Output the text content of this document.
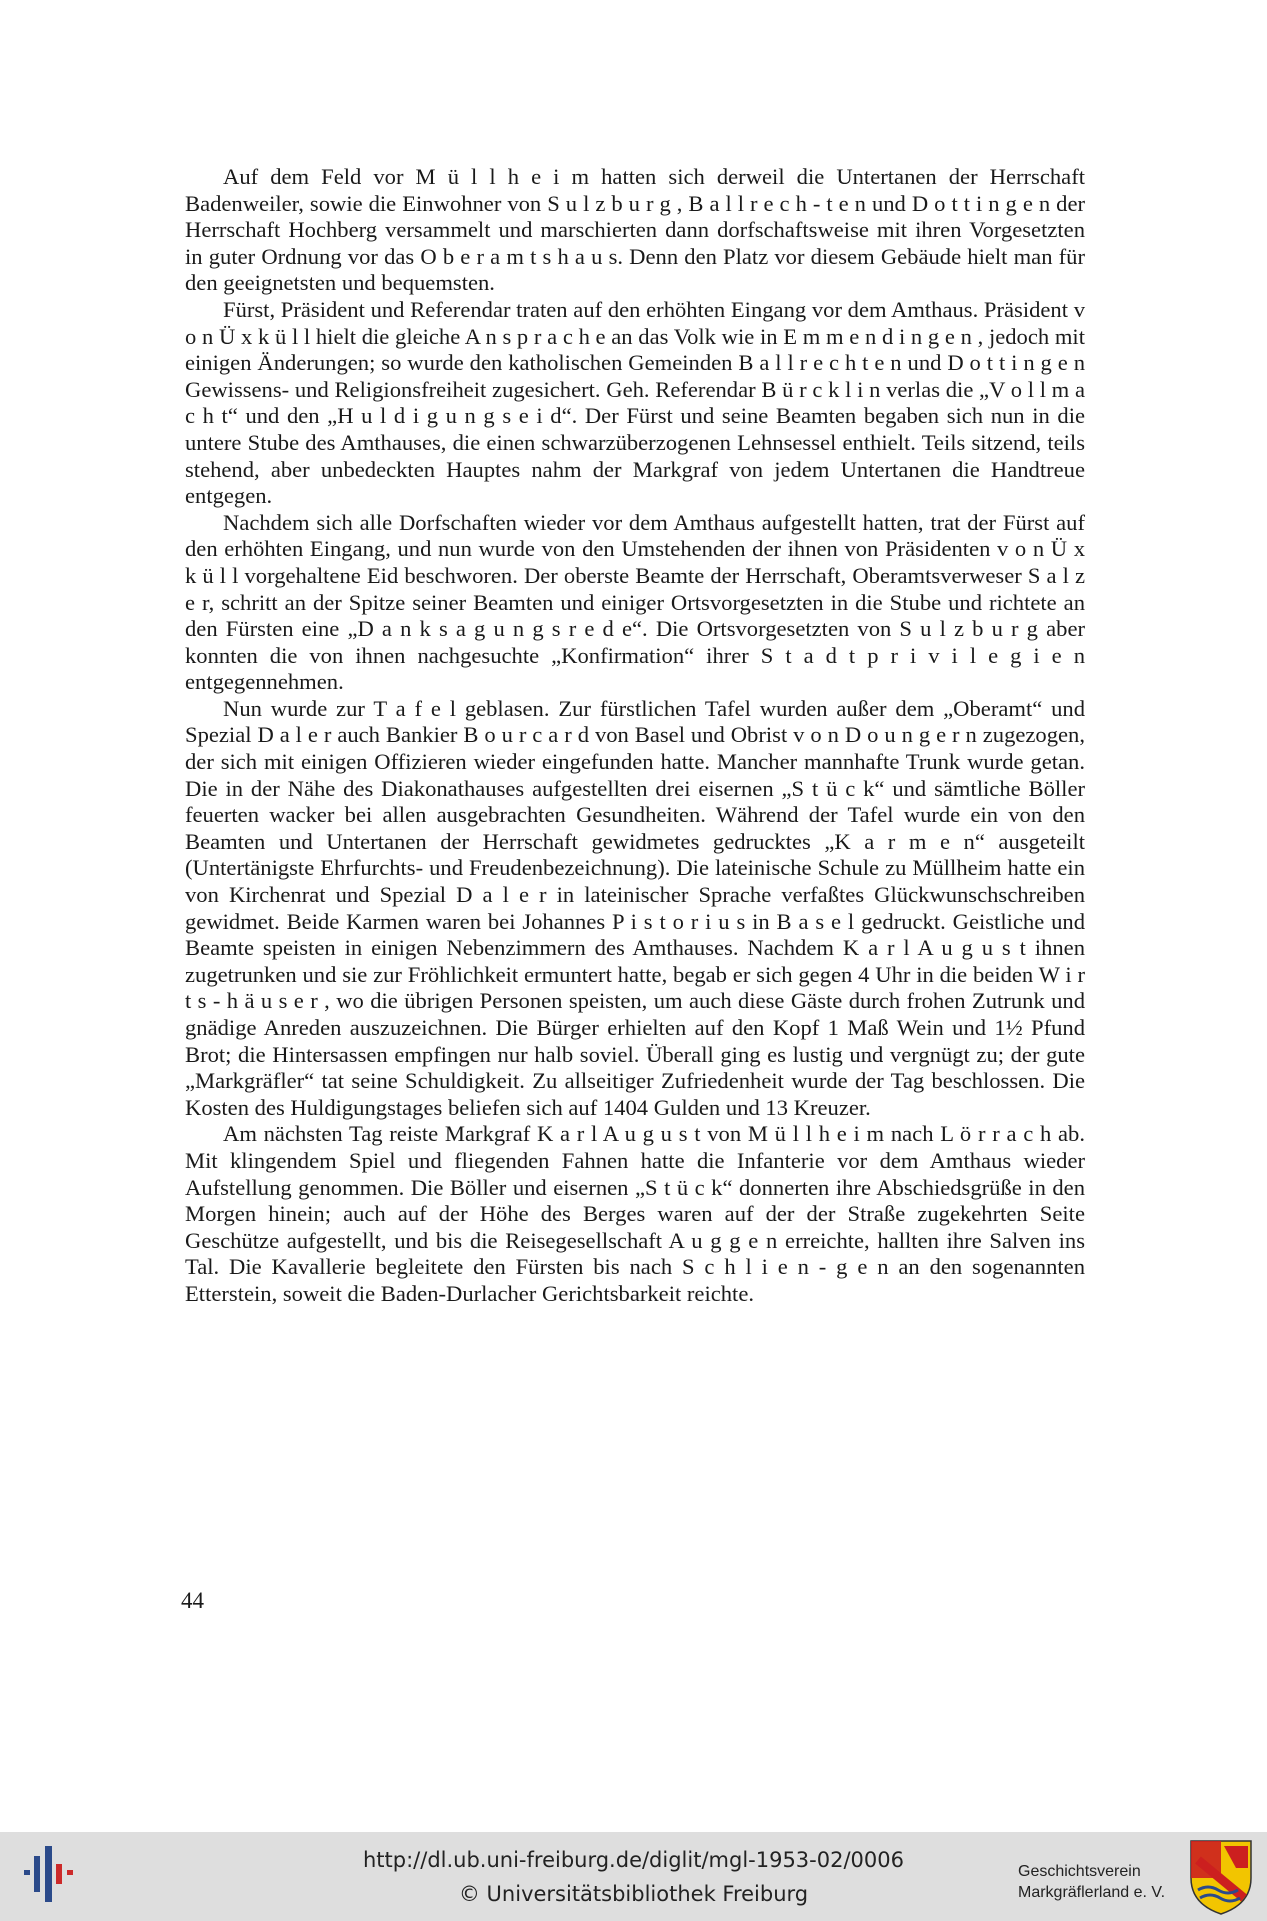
Auf dem Feld vor M ü l l h e i m hatten sich derweil die Untertanen der Herrschaft Badenweiler, sowie die Einwohner von S u l z b u r g , B a l l r e c h - t e n und D o t t i n g e n der Herrschaft Hochberg versammelt und marschierten dann dorfschaftsweise mit ihren Vorgesetzten in guter Ordnung vor das O b e r a m t s h a u s. Denn den Platz vor diesem Gebäude hielt man für den geeignetsten und bequemsten.

Fürst, Präsident und Referendar traten auf den erhöhten Eingang vor dem Amthaus. Präsident v o n Ü x k ü l l hielt die gleiche A n s p r a c h e an das Volk wie in E m m e n d i n g e n , jedoch mit einigen Änderungen; so wurde den katholischen Gemeinden B a l l r e c h t e n und D o t t i n g e n Gewissens- und Religionsfreiheit zugesichert. Geh. Referendar B ü r c k l i n verlas die „V o l l m a c h t“ und den „H u l d i g u n g s e i d“. Der Fürst und seine Beamten begaben sich nun in die untere Stube des Amthauses, die einen schwarzüberzogenen Lehnsessel enthielt. Teils sitzend, teils stehend, aber unbedeckten Hauptes nahm der Markgraf von jedem Untertanen die Handtreue entgegen.

Nachdem sich alle Dorfschaften wieder vor dem Amthaus aufgestellt hatten, trat der Fürst auf den erhöhten Eingang, und nun wurde von den Umstehenden der ihnen von Präsidenten v o n Ü x k ü l l vorgehaltene Eid beschworen. Der oberste Beamte der Herrschaft, Oberamtsverweser S a l z e r, schritt an der Spitze seiner Beamten und einiger Ortsvorgesetzten in die Stube und richtete an den Fürsten eine „D a n k s a g u n g s r e d e“. Die Ortsvorgesetzten von S u l z b u r g aber konnten die von ihnen nachgesuchte „Konfirmation“ ihrer S t a d t p r i v i l e g i e n entgegennehmen.

Nun wurde zur T a f e l geblasen. Zur fürstlichen Tafel wurden außer dem „Oberamt“ und Spezial D a l e r auch Bankier B o u r c a r d von Basel und Obrist v o n D o u n g e r n zugezogen, der sich mit einigen Offizieren wieder eingefunden hatte. Mancher mannhafte Trunk wurde getan. Die in der Nähe des Diakonathauses aufgestellten drei eisernen „S t ü c k“ und sämtliche Böller feuerten wacker bei allen ausgebrachten Gesundheiten. Während der Tafel wurde ein von den Beamten und Untertanen der Herrschaft gewidmetes gedrucktes „K a r m e n“ ausgeteilt (Untertänigste Ehrfurchts- und Freudenbezeichnung). Die lateinische Schule zu Müllheim hatte ein von Kirchenrat und Spezial D a l e r in lateinischer Sprache verfaßtes Glückwunschschreiben gewidmet. Beide Karmen waren bei Johannes P i s t o r i u s in B a s e l gedruckt. Geistliche und Beamte speisten in einigen Nebenzimmern des Amthauses. Nachdem K a r l A u g u s t ihnen zugetrunken und sie zur Fröhlichkeit ermuntert hatte, begab er sich gegen 4 Uhr in die beiden W i r t s - h ä u s e r , wo die übrigen Personen speisten, um auch diese Gäste durch frohen Zutrunk und gnädige Anreden auszuzeichnen. Die Bürger erhielten auf den Kopf 1 Maß Wein und 1½ Pfund Brot; die Hintersassen empfingen nur halb soviel. Überall ging es lustig und vergnügt zu; der gute „Markgräfler“ tat seine Schuldigkeit. Zu allseitiger Zufriedenheit wurde der Tag beschlossen. Die Kosten des Huldigungstages beliefen sich auf 1404 Gulden und 13 Kreuzer.

Am nächsten Tag reiste Markgraf K a r l A u g u s t von M ü l l h e i m nach L ö r r a c h ab. Mit klingendem Spiel und fliegenden Fahnen hatte die Infanterie vor dem Amthaus wieder Aufstellung genommen. Die Böller und eisernen „S t ü c k“ donnerten ihre Abschiedsgrüße in den Morgen hinein; auch auf der Höhe des Berges waren auf der der Straße zugekehrten Seite Geschütze aufgestellt, und bis die Reisegesellschaft A u g g e n erreichte, hallten ihre Salven ins Tal. Die Kavallerie begleitete den Fürsten bis nach S c h l i e n - g e n an den sogenannten Etterstein, soweit die Baden-Durlacher Gerichtsbarkeit reichte.

44
http://dl.ub.uni-freiburg.de/diglit/mgl-1953-02/0006
© Universitätsbibliothek Freiburg
Geschichtsverein
Markgräflerland e. V.
